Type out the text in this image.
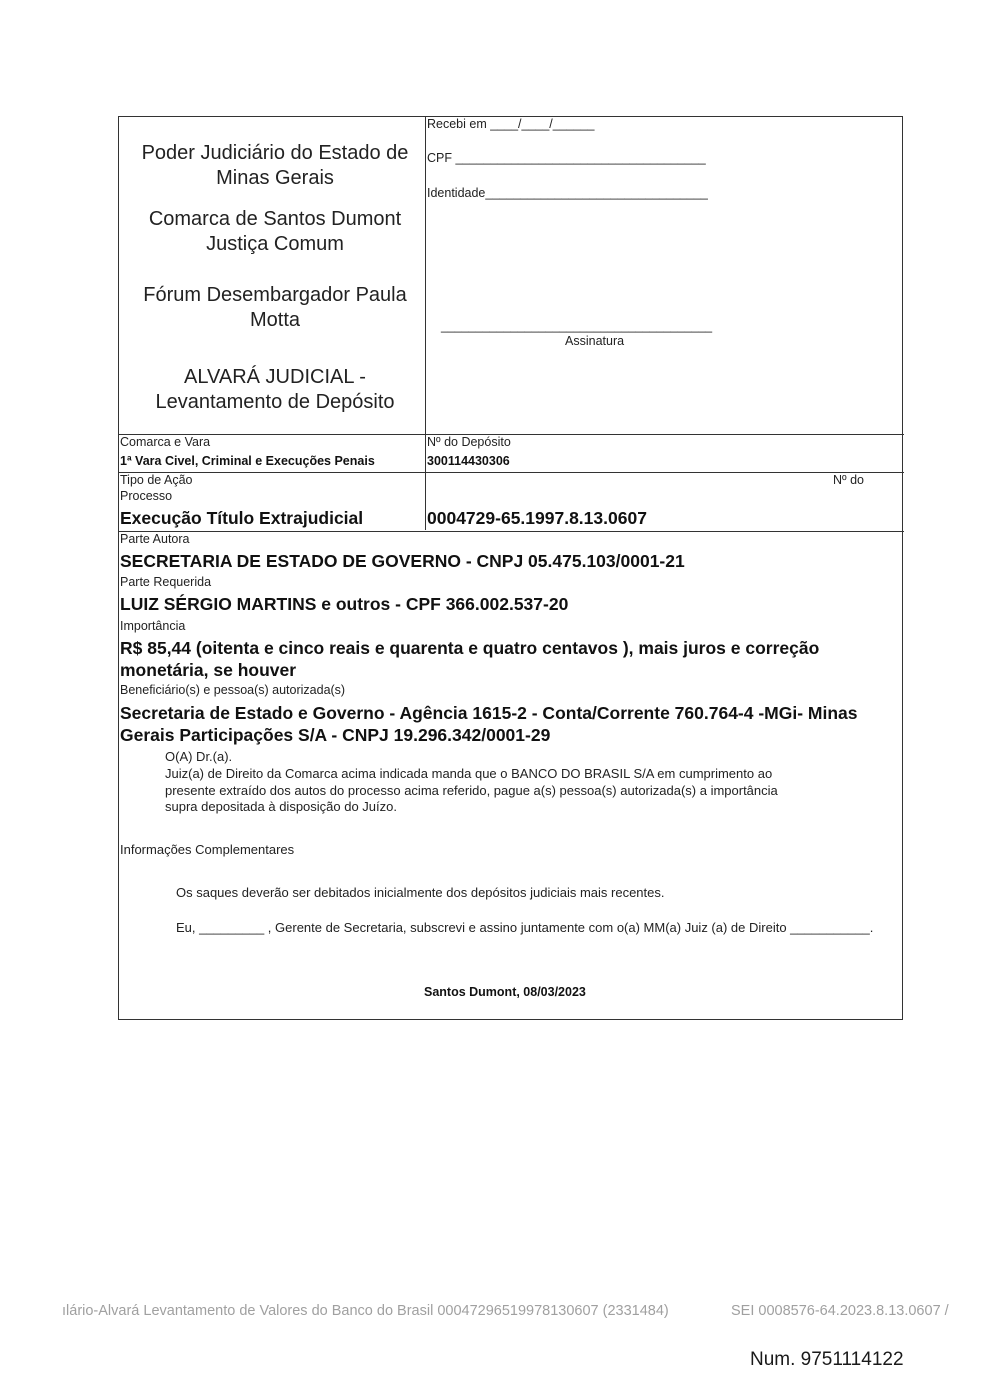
Poder Judiciário do Estado de Minas Gerais
Comarca de Santos Dumont Justiça Comum
Fórum Desembargador Paula Motta
ALVARÁ JUDICIAL - Levantamento de Depósito
Recebi em ____/____/______
CPF ____________________________________
Identidade________________________________
_______________________________________
Assinatura
Comarca e Vara
1ª Vara Civel, Criminal e Execuções Penais
Nº do Depósito
300114430306
Tipo de Ação
Processo
Nº do
Execução Título Extrajudicial	0004729-65.1997.8.13.0607
Parte Autora
SECRETARIA DE ESTADO DE GOVERNO - CNPJ 05.475.103/0001-21
Parte Requerida
LUIZ SÉRGIO MARTINS e outros - CPF 366.002.537-20
Importância
R$ 85,44 (oitenta e cinco reais e quarenta e quatro centavos ), mais juros e correção monetária, se houver
Beneficiário(s) e pessoa(s) autorizada(s)
Secretaria de Estado e Governo - Agência 1615-2 - Conta/Corrente 760.764-4 -MGi- Minas Gerais Participações S/A - CNPJ 19.296.342/0001-29
O(A) Dr.(a).
Juiz(a) de Direito da Comarca acima indicada manda que o BANCO DO BRASIL S/A em cumprimento ao presente extraído dos autos do processo acima referido, pague a(s) pessoa(s) autorizada(s) a importância supra depositada à disposição do Juízo.
Informações Complementares
Os saques deverão ser debitados inicialmente dos depósitos judiciais mais recentes.
Eu, _________ , Gerente de Secretaria, subscrevi e assino juntamente com o(a) MM(a) Juiz (a) de Direito ___________.
Santos Dumont, 08/03/2023
ılário-Alvará Levantamento de Valores do Banco do Brasil 00047296519978130607 (2331484)	SEI 0008576-64.2023.8.13.0607 /
Num. 9751114122
